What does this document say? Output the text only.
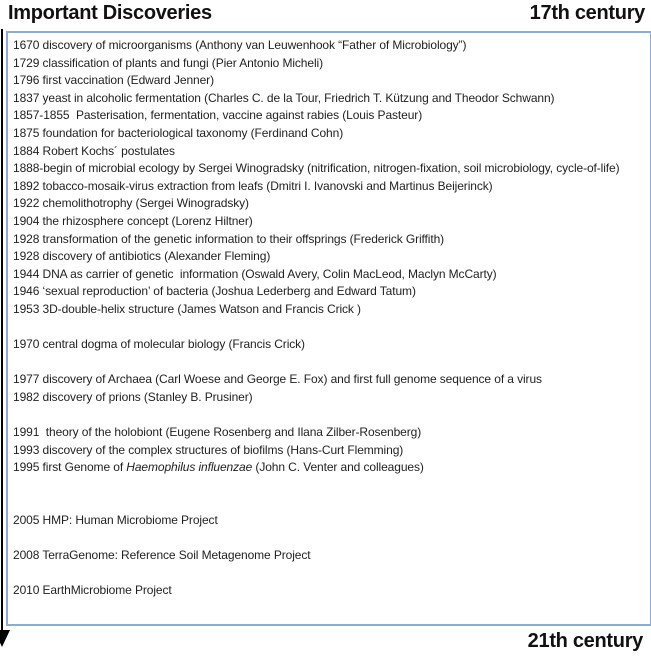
Important Discoveries	17th century
1670 discovery of microorganisms (Anthony van Leuwenhook “Father of Microbiology”)
1729 classification of plants and fungi (Pier Antonio Micheli)
1796 first vaccination (Edward Jenner)
1837 yeast in alcoholic fermentation (Charles C. de la Tour, Friedrich T. Kützung and Theodor Schwann)
1857-1855  Pasterisation, fermentation, vaccine against rabies (Louis Pasteur)
1875 foundation for bacteriological taxonomy (Ferdinand Cohn)
1884 Robert Kochs´ postulates
1888-begin of microbial ecology by Sergei Winogradsky (nitrification, nitrogen-fixation, soil microbiology, cycle-of-life)
1892 tobacco-mosaik-virus extraction from leafs (Dmitri I. Ivanovski and Martinus Beijerinck)
1922 chemolithotrophy (Sergei Winogradsky)
1904 the rhizosphere concept (Lorenz Hiltner)
1928 transformation of the genetic information to their offsprings (Frederick Griffith)
1928 discovery of antibiotics (Alexander Fleming)
1944 DNA as carrier of genetic  information (Oswald Avery, Colin MacLeod, Maclyn McCarty)
1946 ‘sexual reproduction’ of bacteria (Joshua Lederberg and Edward Tatum)
1953 3D-double-helix structure (James Watson and Francis Crick )

1970 central dogma of molecular biology (Francis Crick)

1977 discovery of Archaea (Carl Woese and George E. Fox) and first full genome sequence of a virus
1982 discovery of prions (Stanley B. Prusiner)

1991  theory of the holobiont (Eugene Rosenberg and Ilana Zilber-Rosenberg)
1993 discovery of the complex structures of biofilms (Hans-Curt Flemming)
1995 first Genome of Haemophilus influenzae (John C. Venter and colleagues)

2005 HMP: Human Microbiome Project

2008 TerraGenome: Reference Soil Metagenome Project

2010 EarthMicrobiome Project
21th century
